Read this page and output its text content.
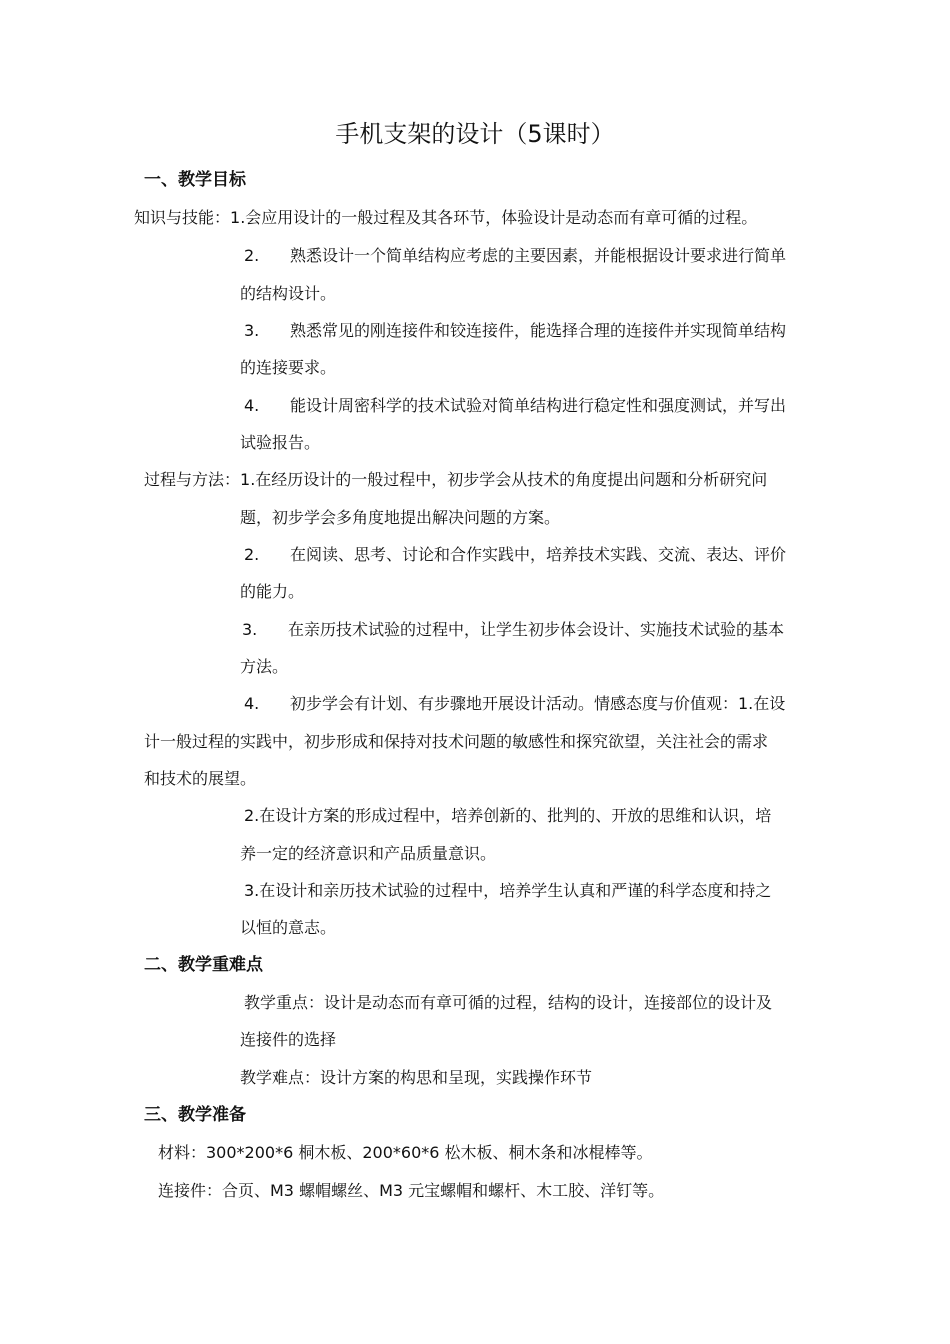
手机支架的设计（5课时）
一、教学目标
知识与技能：1.会应用设计的一般过程及其各环节，体验设计是动态而有章可循的过程。
2. 熟悉设计一个简单结构应考虑的主要因素，并能根据设计要求进行简单
的结构设计。
3. 熟悉常见的刚连接件和铰连接件，能选择合理的连接件并实现简单结构
的连接要求。
4. 能设计周密科学的技术试验对简单结构进行稳定性和强度测试，并写出
试验报告。
过程与方法：1.在经历设计的一般过程中，初步学会从技术的角度提出问题和分析研究问
题，初步学会多角度地提出解决问题的方案。
2. 在阅读、思考、讨论和合作实践中，培养技术实践、交流、表达、评价
的能力。
3. 在亲历技术试验的过程中，让学生初步体会设计、实施技术试验的基本
方法。
4. 初步学会有计划、有步骤地开展设计活动。情感态度与价值观：1.在设
计一般过程的实践中，初步形成和保持对技术问题的敏感性和探究欲望，关注社会的需求
和技术的展望。
2.在设计方案的形成过程中，培养创新的、批判的、开放的思维和认识，培
养一定的经济意识和产品质量意识。
3.在设计和亲历技术试验的过程中，培养学生认真和严谨的科学态度和持之
以恒的意志。
二、教学重难点
教学重点：设计是动态而有章可循的过程，结构的设计，连接部位的设计及
连接件的选择
教学难点：设计方案的构思和呈现，实践操作环节
三、教学准备
材料：300*200*6 桐木板、200*60*6 松木板、桐木条和冰棍棒等。
连接件：合页、M3 螺帽螺丝、M3 元宝螺帽和螺杆、木工胶、洋钉等。
